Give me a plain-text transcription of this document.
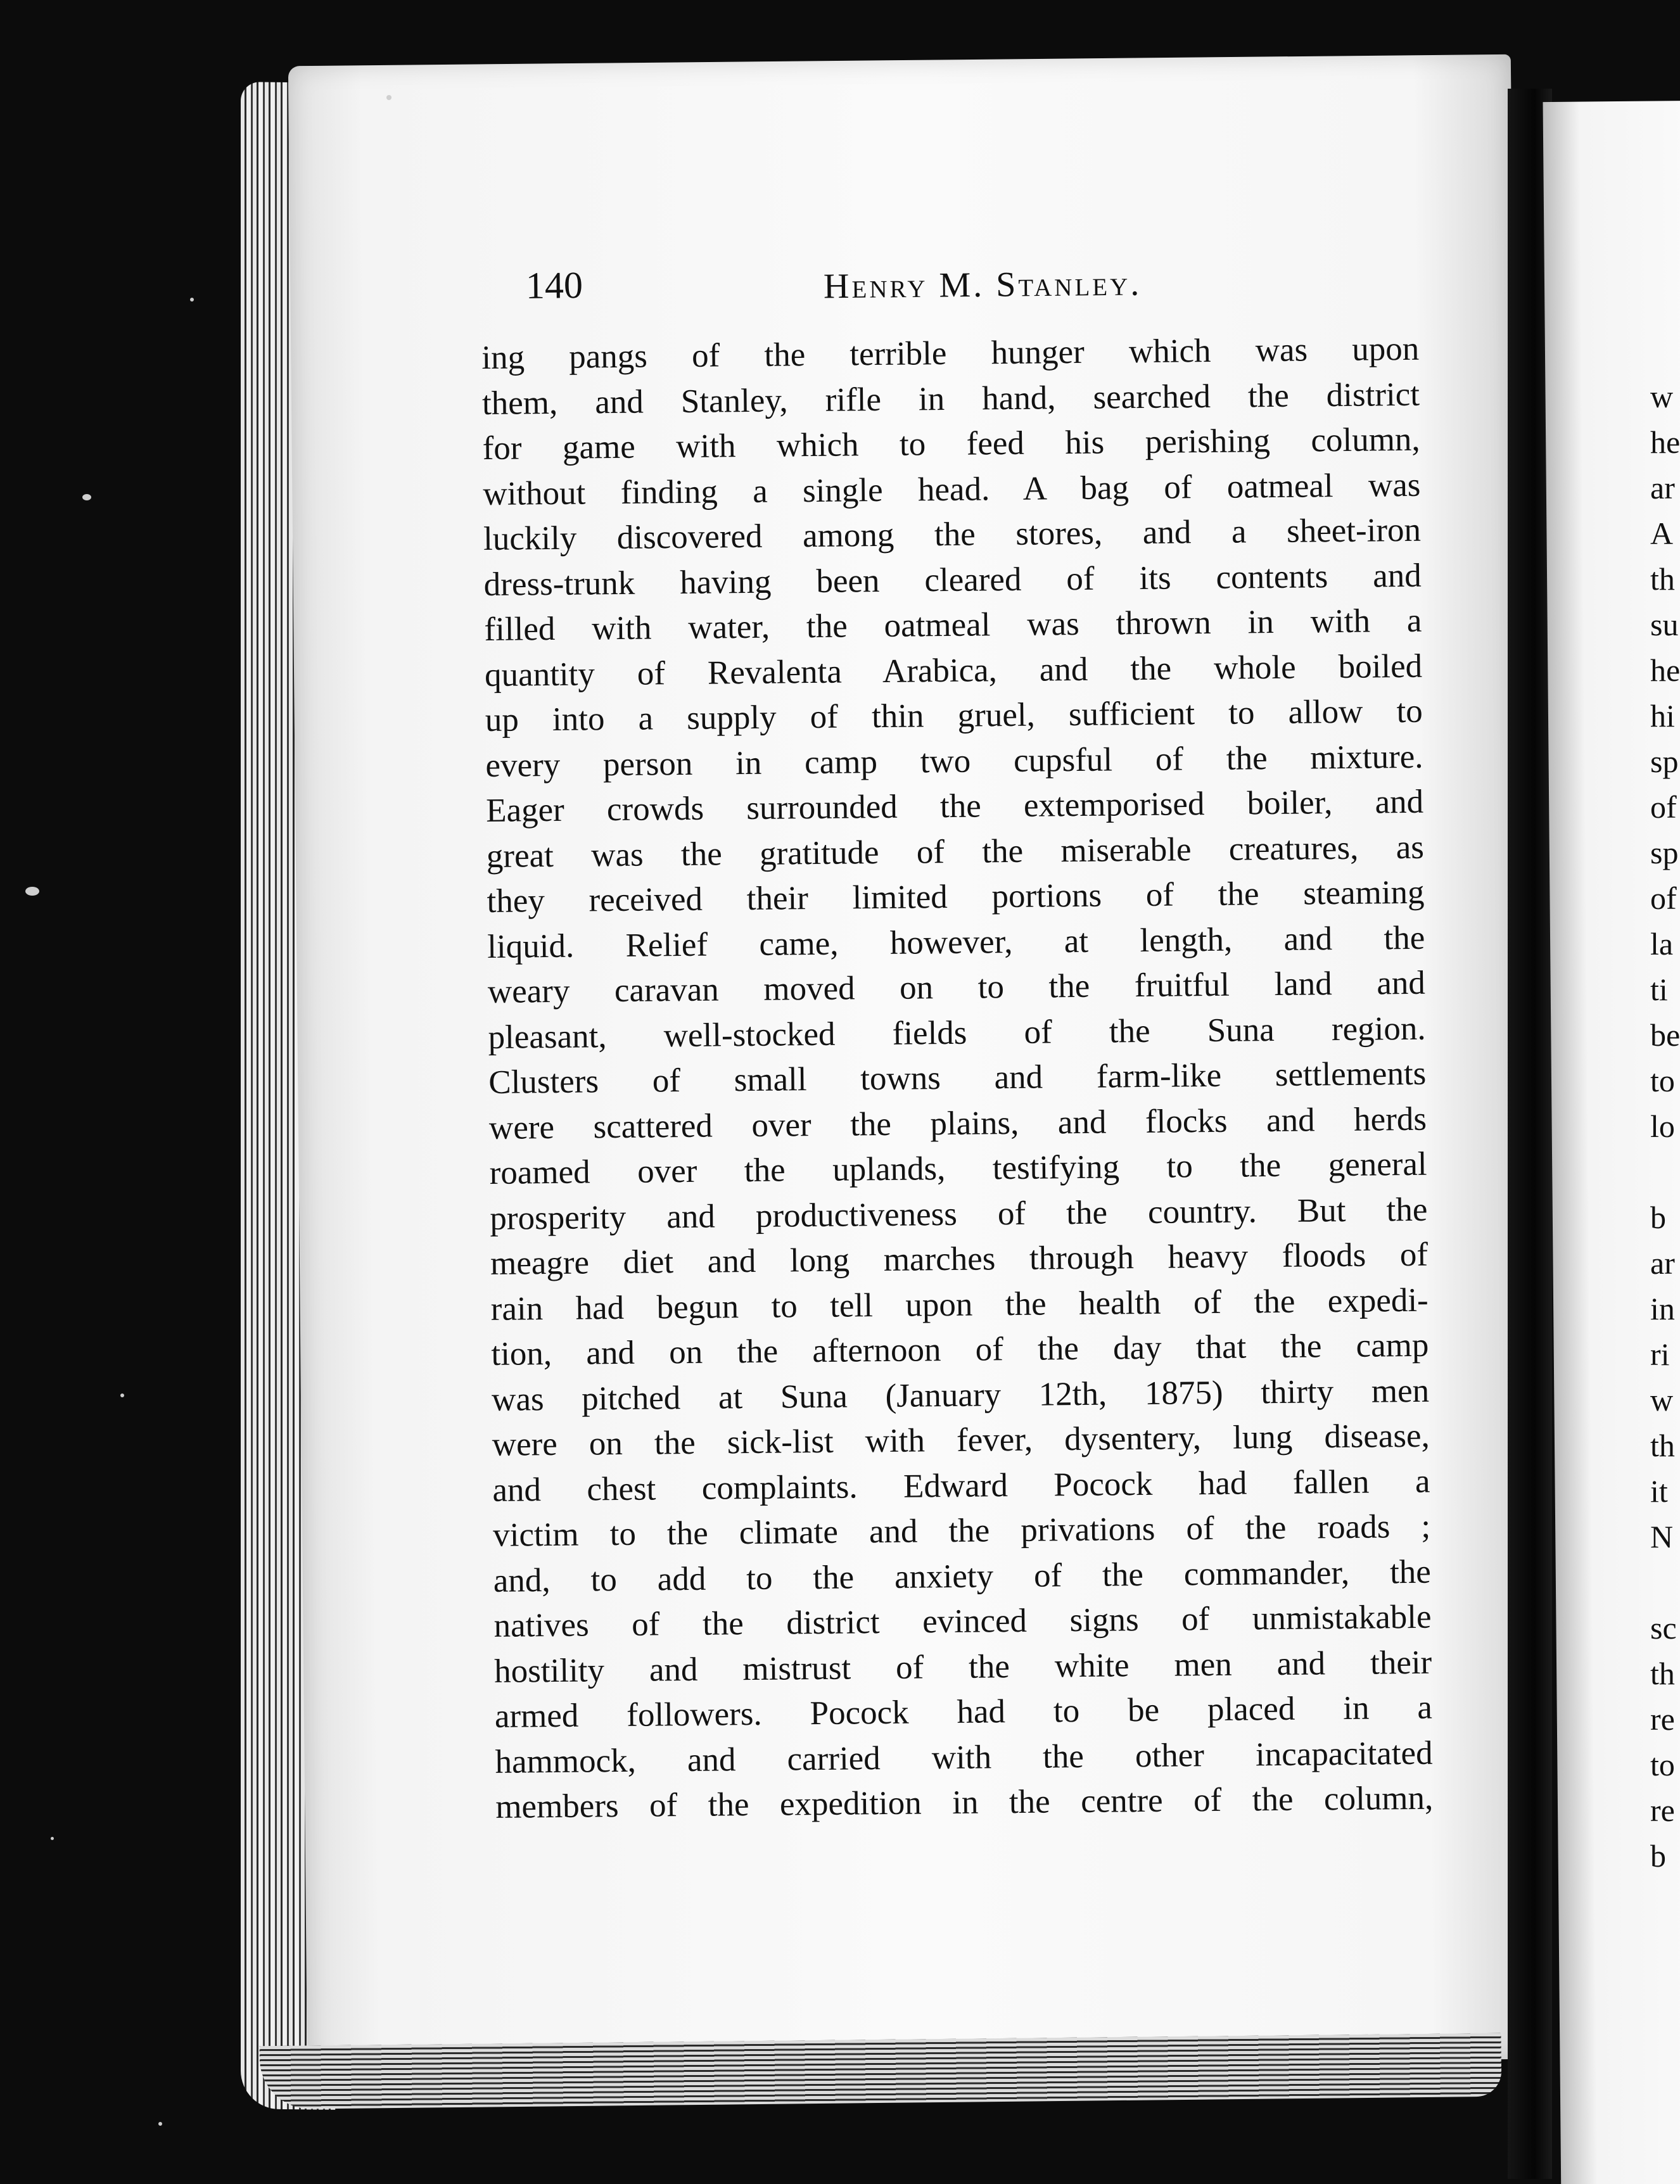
140	Henry M. Stanley.
ing pangs of the terrible hunger which was upon
them, and Stanley, rifle in hand, searched the district
for game with which to feed his perishing column,
without finding a single head. A bag of oatmeal was
luckily discovered among the stores, and a sheet-iron
dress-trunk having been cleared of its contents and
filled with water, the oatmeal was thrown in with a
quantity of Revalenta Arabica, and the whole boiled
up into a supply of thin gruel, sufficient to allow to
every person in camp two cupsful of the mixture.
Eager crowds surrounded the extemporised boiler, and
great was the gratitude of the miserable creatures, as
they received their limited portions of the steaming
liquid. Relief came, however, at length, and the
weary caravan moved on to the fruitful land and
pleasant, well-stocked fields of the Suna region.
Clusters of small towns and farm-like settlements
were scattered over the plains, and flocks and herds
roamed over the uplands, testifying to the general
prosperity and productiveness of the country. But the
meagre diet and long marches through heavy floods of
rain had begun to tell upon the health of the expedi-
tion, and on the afternoon of the day that the camp
was pitched at Suna (January 12th, 1875) thirty men
were on the sick-list with fever, dysentery, lung disease,
and chest complaints. Edward Pocock had fallen a
victim to the climate and the privations of the roads ;
and, to add to the anxiety of the commander, the
natives of the district evinced signs of unmistakable
hostility and mistrust of the white men and their
armed followers. Pocock had to be placed in a
hammock, and carried with the other incapacitated
members of the expedition in the centre of the column,
w
he
ar
A
th
su
he
hi
sp
of
sp
of
la
ti
be
to
lo
b
ar
in
ri
w
th
it
N
sc
th
re
to
re
b
